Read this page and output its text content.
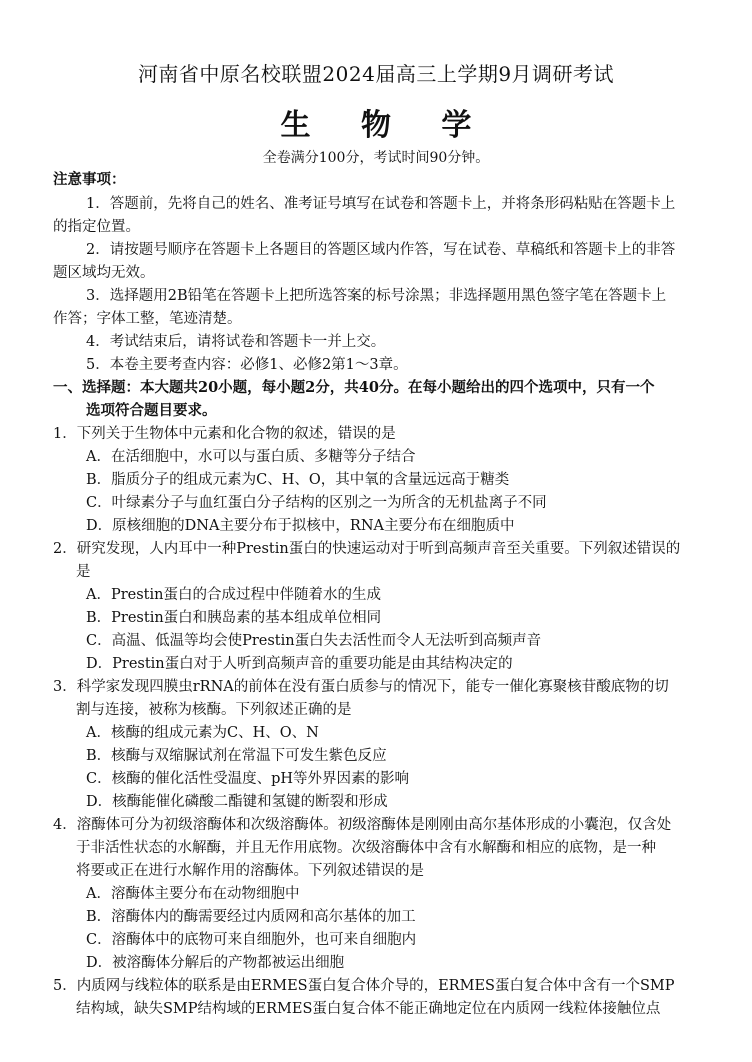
河南省中原名校联盟2024届高三上学期9月调研考试
生 物 学
全卷满分100分，考试时间90分钟。
注意事项：
1．答题前，先将自己的姓名、准考证号填写在试卷和答题卡上，并将条形码粘贴在答题卡上
的指定位置。
2．请按题号顺序在答题卡上各题目的答题区域内作答，写在试卷、草稿纸和答题卡上的非答
题区域均无效。
3．选择题用2B铅笔在答题卡上把所选答案的标号涂黑；非选择题用黑色签字笔在答题卡上
作答；字体工整，笔迹清楚。
4．考试结束后，请将试卷和答题卡一并上交。
5．本卷主要考查内容：必修1、必修2第1～3章。
一、选择题：本大题共20小题，每小题2分，共40分。在每小题给出的四个选项中，只有一个
选项符合题目要求。
1．下列关于生物体中元素和化合物的叙述，错误的是
A．在活细胞中，水可以与蛋白质、多糖等分子结合
B．脂质分子的组成元素为C、H、O，其中氧的含量远远高于糖类
C．叶绿素分子与血红蛋白分子结构的区别之一为所含的无机盐离子不同
D．原核细胞的DNA主要分布于拟核中，RNA主要分布在细胞质中
2．研究发现，人内耳中一种Prestin蛋白的快速运动对于听到高频声音至关重要。下列叙述错误的
是
A．Prestin蛋白的合成过程中伴随着水的生成
B．Prestin蛋白和胰岛素的基本组成单位相同
C．高温、低温等均会使Prestin蛋白失去活性而令人无法听到高频声音
D．Prestin蛋白对于人听到高频声音的重要功能是由其结构决定的
3．科学家发现四膜虫rRNA的前体在没有蛋白质参与的情况下，能专一催化寡聚核苷酸底物的切
割与连接，被称为核酶。下列叙述正确的是
A．核酶的组成元素为C、H、O、N
B．核酶与双缩脲试剂在常温下可发生紫色反应
C．核酶的催化活性受温度、pH等外界因素的影响
D．核酶能催化磷酸二酯键和氢键的断裂和形成
4．溶酶体可分为初级溶酶体和次级溶酶体。初级溶酶体是刚刚由高尔基体形成的小囊泡，仅含处
于非活性状态的水解酶，并且无作用底物。次级溶酶体中含有水解酶和相应的底物，是一种
将要或正在进行水解作用的溶酶体。下列叙述错误的是
A．溶酶体主要分布在动物细胞中
B．溶酶体内的酶需要经过内质网和高尔基体的加工
C．溶酶体中的底物可来自细胞外，也可来自细胞内
D．被溶酶体分解后的产物都被运出细胞
5．内质网与线粒体的联系是由ERMES蛋白复合体介导的，ERMES蛋白复合体中含有一个SMP
结构域，缺失SMP结构域的ERMES蛋白复合体不能正确地定位在内质网一线粒体接触位点
